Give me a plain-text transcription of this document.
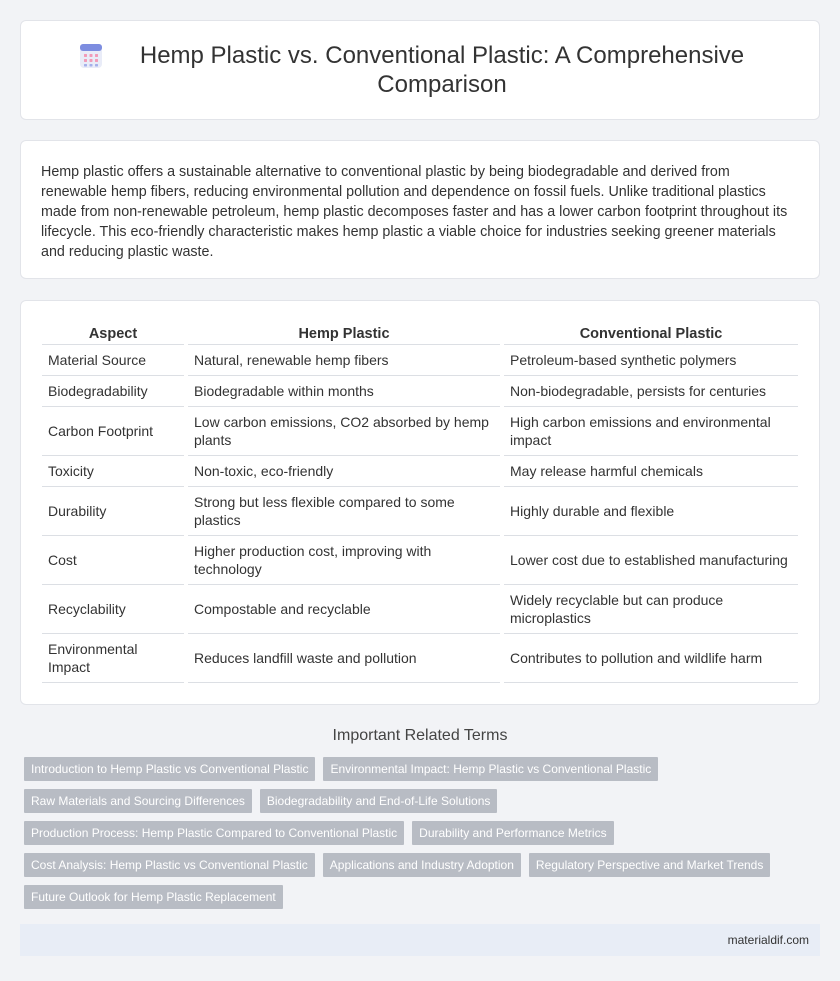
Hemp Plastic vs. Conventional Plastic: A Comprehensive Comparison

Hemp plastic offers a sustainable alternative to conventional plastic by being biodegradable and derived from renewable hemp fibers, reducing environmental pollution and dependence on fossil fuels. Unlike traditional plastics made from non-renewable petroleum, hemp plastic decomposes faster and has a lower carbon footprint throughout its lifecycle. This eco-friendly characteristic makes hemp plastic a viable choice for industries seeking greener materials and reducing plastic waste.

Aspect	Hemp Plastic	Conventional Plastic
Material Source	Natural, renewable hemp fibers	Petroleum-based synthetic polymers
Biodegradability	Biodegradable within months	Non-biodegradable, persists for centuries
Carbon Footprint	Low carbon emissions, CO2 absorbed by hemp plants	High carbon emissions and environmental impact
Toxicity	Non-toxic, eco-friendly	May release harmful chemicals
Durability	Strong but less flexible compared to some plastics	Highly durable and flexible
Cost	Higher production cost, improving with technology	Lower cost due to established manufacturing
Recyclability	Compostable and recyclable	Widely recyclable but can produce microplastics
Environmental Impact	Reduces landfill waste and pollution	Contributes to pollution and wildlife harm
Important Related Terms
Introduction to Hemp Plastic vs Conventional Plastic	Environmental Impact: Hemp Plastic vs Conventional Plastic
Raw Materials and Sourcing Differences	Biodegradability and End-of-Life Solutions
Production Process: Hemp Plastic Compared to Conventional Plastic	Durability and Performance Metrics
Cost Analysis: Hemp Plastic vs Conventional Plastic	Applications and Industry Adoption	Regulatory Perspective and Market Trends
Future Outlook for Hemp Plastic Replacement
materialdif.com
